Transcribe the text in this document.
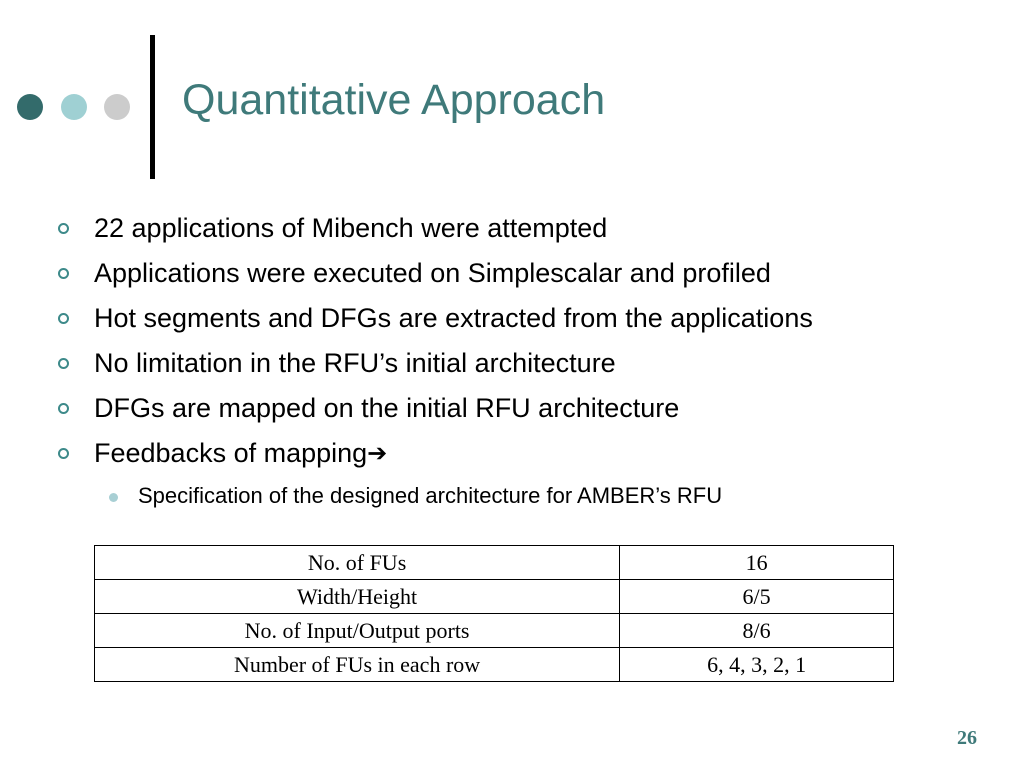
Quantitative Approach
22 applications of Mibench were attempted
Applications were executed on Simplescalar and profiled
Hot segments and DFGs are extracted from the applications
No limitation in the RFU’s initial architecture
DFGs are mapped on the initial RFU architecture
Feedbacks of mapping➔
Specification of the designed architecture for AMBER’s RFU
No. of FUs	16
Width/Height	6/5
No. of Input/Output ports	8/6
Number of FUs in each row	6, 4, 3, 2, 1
26
